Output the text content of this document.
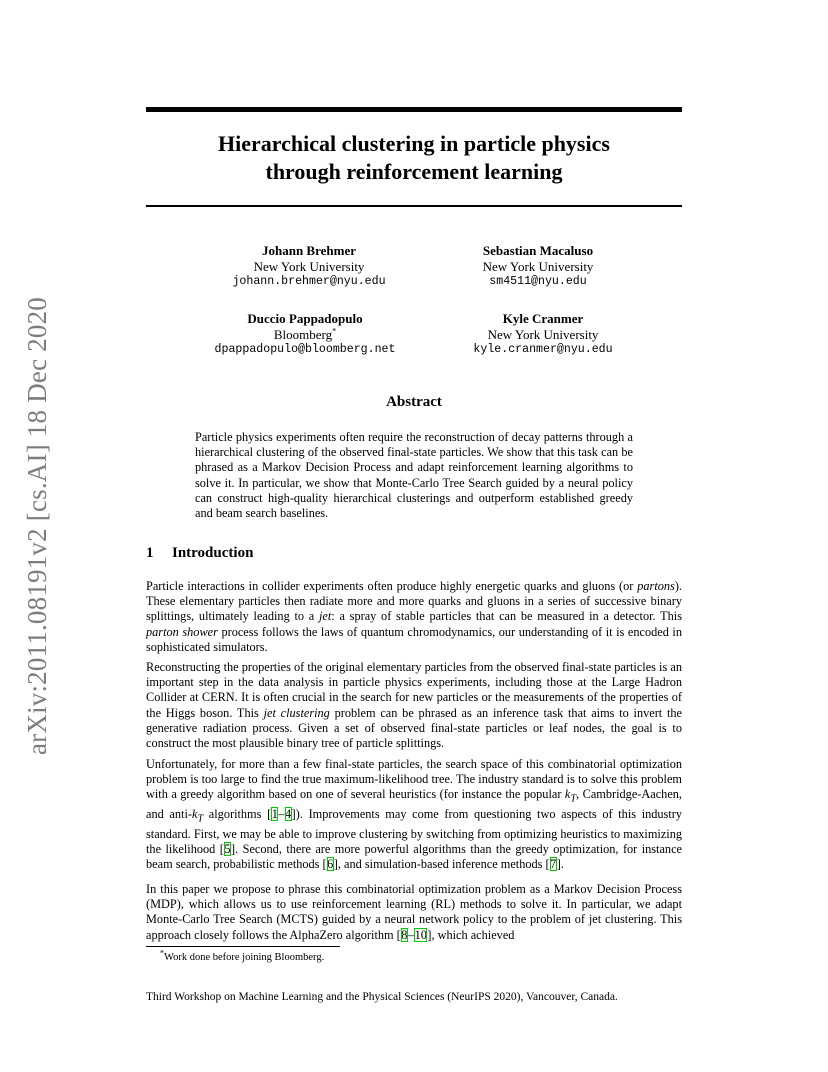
arXiv:2011.08191v2 [cs.AI] 18 Dec 2020
Hierarchical clustering in particle physics
through reinforcement learning
Johann Brehmer
New York University
johann.brehmer@nyu.edu
Sebastian Macaluso
New York University
sm4511@nyu.edu
Duccio Pappadopulo
Bloomberg*
dpappadopulo@bloomberg.net
Kyle Cranmer
New York University
kyle.cranmer@nyu.edu
Abstract

Particle physics experiments often require the reconstruction of decay patterns through a hierarchical clustering of the observed final-state particles. We show that this task can be phrased as a Markov Decision Process and adapt reinforcement learning algorithms to solve it. In particular, we show that Monte-Carlo Tree Search guided by a neural policy can construct high-quality hierarchical clusterings and outperform established greedy and beam search baselines.

1 Introduction

Particle interactions in collider experiments often produce highly energetic quarks and gluons (or partons). These elementary particles then radiate more and more quarks and gluons in a series of successive binary splittings, ultimately leading to a jet: a spray of stable particles that can be measured in a detector. This parton shower process follows the laws of quantum chromodynamics, our understanding of it is encoded in sophisticated simulators.

Reconstructing the properties of the original elementary particles from the observed final-state particles is an important step in the data analysis in particle physics experiments, including those at the Large Hadron Collider at CERN. It is often crucial in the search for new particles or the measurements of the properties of the Higgs boson. This jet clustering problem can be phrased as an inference task that aims to invert the generative radiation process. Given a set of observed final-state particles or leaf nodes, the goal is to construct the most plausible binary tree of particle splittings.

Unfortunately, for more than a few final-state particles, the search space of this combinatorial optimization problem is too large to find the true maximum-likelihood tree. The industry standard is to solve this problem with a greedy algorithm based on one of several heuristics (for instance the popular $k_T$, Cambridge-Aachen, and anti-$k_T$ algorithms [1–4]). Improvements may come from questioning two aspects of this industry standard. First, we may be able to improve clustering by switching from optimizing heuristics to maximizing the likelihood [5]. Second, there are more powerful algorithms than the greedy optimization, for instance beam search, probabilistic methods [6], and simulation-based inference methods [7].

In this paper we propose to phrase this combinatorial optimization problem as a Markov Decision Process (MDP), which allows us to use reinforcement learning (RL) methods to solve it. In particular, we adapt Monte-Carlo Tree Search (MCTS) guided by a neural network policy to the problem of jet clustering. This approach closely follows the AlphaZero algorithm [8–10], which achieved

*Work done before joining Bloomberg.

Third Workshop on Machine Learning and the Physical Sciences (NeurIPS 2020), Vancouver, Canada.
